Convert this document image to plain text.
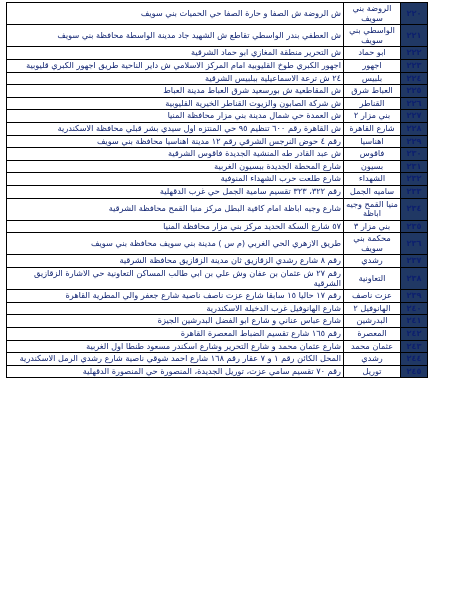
٢٢٠	الروضة بني سويف	ش الروضة ش الصفا و حارة الصفا حي الحميات بني سويف
٢٢١	الواسطي بني سويف	ش العطفي بندر الواسطي تقاطع ش الشهيد جاد مدينة الواسطة محافظة بني سويف
٢٢٢	ابو حماد	ش التحرير منطقة المغازي ابو حماد الشرقية
٢٢٣	اجهور	اجهور الكبري طوخ القليوبية امام المركز الاسلامي ش داير الناحية طريق اجهور الكبري قليوبية
٢٢٤	بلبيس	٢٤ ش ترعة الاسماعيلية ببلبيس الشرقية
٢٢٥	العباط شرق	ش المقاطعية ش بورسعيد شرق العباط مدينة العباط
٢٢٦	القناطر	ش شركة الصابون والزيوت القناطر الخيرية القليوبية
٢٢٧	بني مزار ٢	ش العمدة حي شمال مدينة بني مزار محافظة المنيا
٢٢٨	شارع القاهرة	ش القاهرة رقم ٦٠٠ تنظيم ٩٥ حي المنتزه اول سيدي بشر قبلي محافظة الاسكندرية
٢٢٩	اهناسيا	رقم ٤ حوض النرجس الشرقي رقم ١٢ مدينة اهناسيا محافظة بني سويف
٢٣٠	فاقوس	ش عبد القادر طه المنشية الجديدة فاقوس الشرقية
٢٣١	بسيون	شارع المحطة الجديدة ببسيون الغربية
٢٣٢	الشهداء	شارع طلعت حرب الشهداء المنوفية
٢٣٣	ساميه الجمل	رقم ٣٢٢، ٣٢٣ تقسيم سامية الجمل حي غرب الدقهلية
٢٣٤	منيا القمح وجيه اباظة	شارع وجيه اباظة امام كافية البطل مركز منيا القمح محافظة الشرقية
٢٣٥	بني مزار ٣	٥٧ شارع السكة الحديد مركز بني مزار محافظة المنيا
٢٣٦	محكمة بني سويف	طريق الازهري الحي الغربي (م س ) مدينة بني سويف محافظة بني سويف
٢٣٧	رشدي	رقم ٨ شارع رشدي الزقازيق ثان مدينة الزقازيق محافظة الشرقية
٢٣٨	التعاونية	رقم ٢٧ ش عثمان بن عفان وش علي بن ابي طالب المساكن التعاونية حي الاشارة الزقازيق الشرقية
٢٣٩	عزت ناصف	رقم ١٧ حاليا ١٥ سابقا شارع عزت ناصف ناصية شارع جعفر والي المطرية القاهرة
٢٤٠	الهانوفيل ٢	شارع الهانوفيل غرب الدخيلة الاسكندرية
٢٤١	البدرشين	شارع عباس عناني و شارع ابو الفضل البدرشين الجيزة
٢٤٢	المعصرة	رقم ١٦٥ شارع تقسيم الضباط المعصرة القاهرة
٢٤٣	عثمان محمد	شارع عثمان محمد و شارع التحرير وشارع اسكندر مسعود طنطا اول الغربية
٢٤٤	رشدي	المحل الكائن رقم ١ و ٧ عقار رقم ١٦٨ شارع احمد شوقي ناصية شارع رشدي الرمل الاسكندرية
٢٤٥	توريل	رقم ٧٠ تقسيم سامي عزت، توريل الجديدة، المنصورة حي المنصورة الدقهلية
